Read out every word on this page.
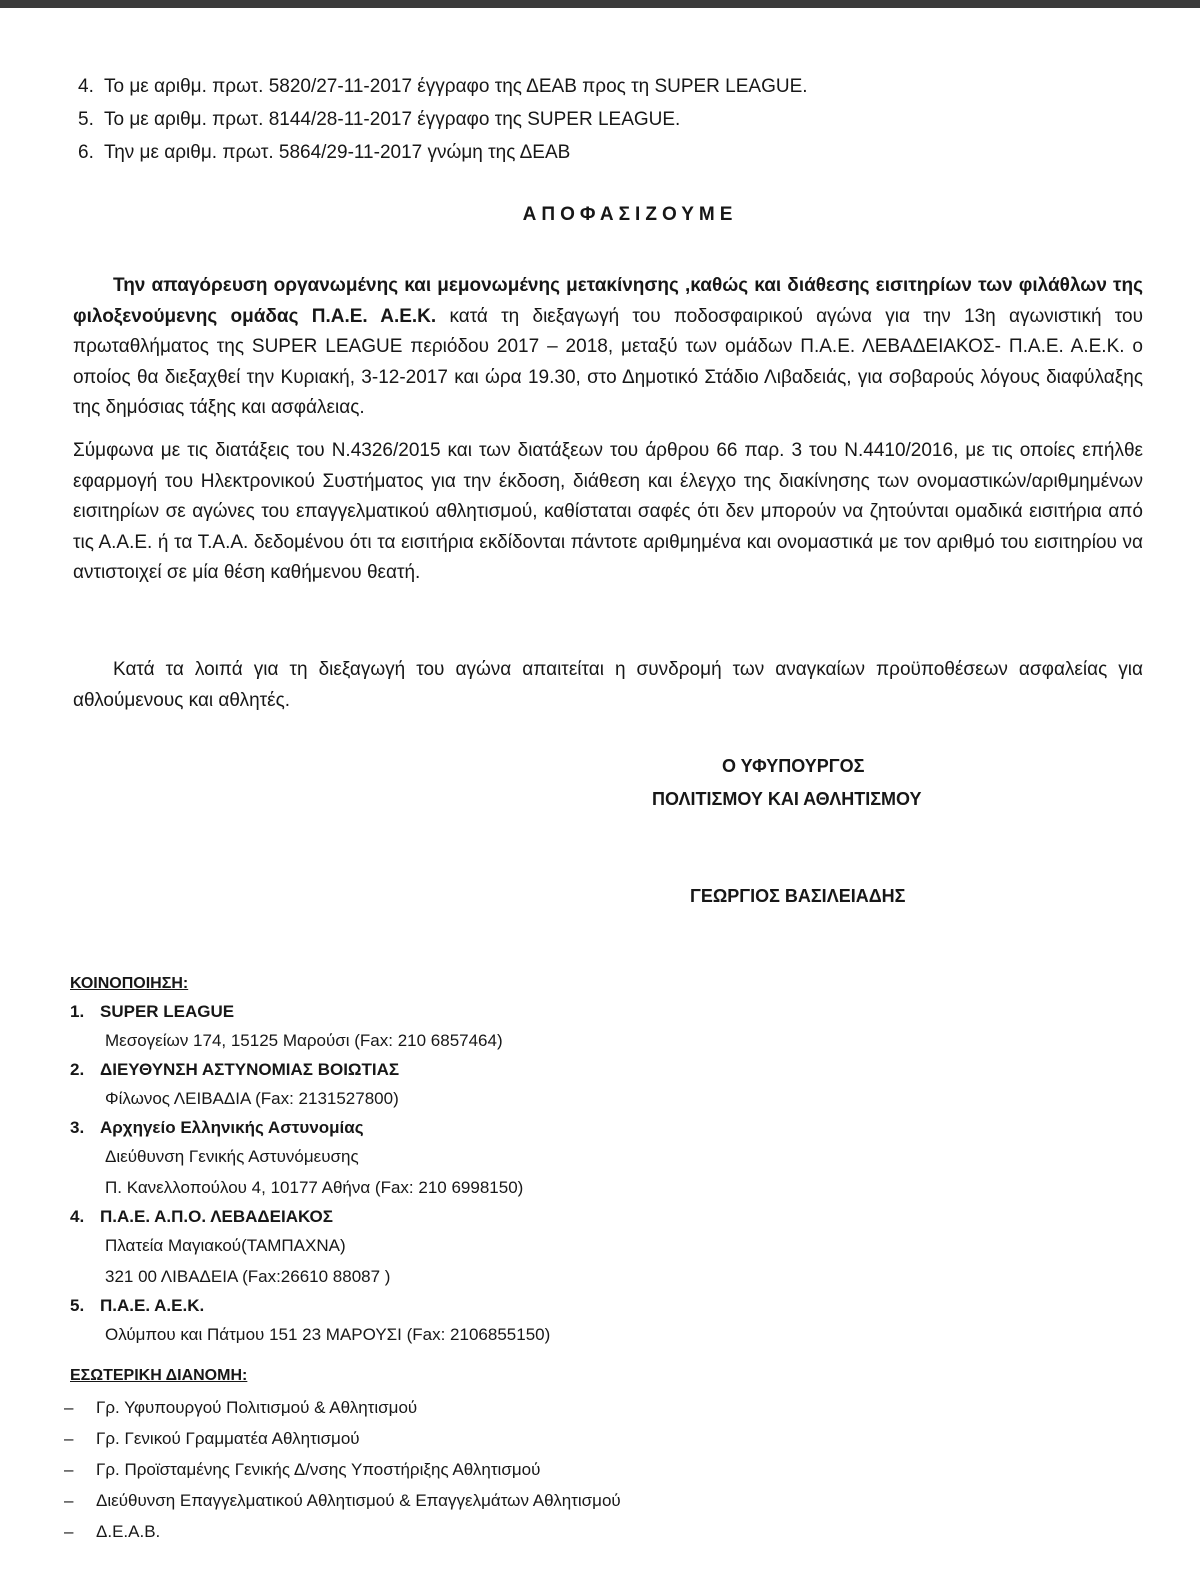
4. Το με αριθμ. πρωτ. 5820/27-11-2017 έγγραφο της ΔΕΑΒ προς τη SUPER LEAGUE.
5. Το με αριθμ. πρωτ. 8144/28-11-2017 έγγραφο της SUPER LEAGUE.
6. Την με αριθμ. πρωτ. 5864/29-11-2017 γνώμη της ΔΕΑΒ
ΑΠΟΦΑΣΙΖΟΥΜΕ

Την απαγόρευση οργανωμένης και μεμονωμένης μετακίνησης ,καθώς και διάθεσης εισιτηρίων των φιλάθλων της φιλοξενούμενης ομάδας Π.Α.Ε. Α.Ε.Κ. κατά τη διεξαγωγή του ποδοσφαιρικού αγώνα για την 13η αγωνιστική του πρωταθλήματος της SUPER LEAGUE περιόδου 2017 – 2018, μεταξύ των ομάδων Π.Α.Ε. ΛΕΒΑΔΕΙΑΚΟΣ- Π.Α.Ε. Α.Ε.Κ. ο οποίος θα διεξαχθεί την Κυριακή, 3-12-2017 και ώρα 19.30, στο Δημοτικό Στάδιο Λιβαδειάς, για σοβαρούς λόγους διαφύλαξης της δημόσιας τάξης και ασφάλειας.

Σύμφωνα με τις διατάξεις του Ν.4326/2015 και των διατάξεων του άρθρου 66 παρ. 3 του Ν.4410/2016, με τις οποίες επήλθε εφαρμογή του Ηλεκτρονικού Συστήματος για την έκδοση, διάθεση και έλεγχο της διακίνησης των ονομαστικών/αριθμημένων εισιτηρίων σε αγώνες του επαγγελματικού αθλητισμού, καθίσταται σαφές ότι δεν μπορούν να ζητούνται ομαδικά εισιτήρια από τις Α.Α.Ε. ή τα Τ.Α.Α. δεδομένου ότι τα εισιτήρια εκδίδονται πάντοτε αριθμημένα και ονομαστικά με τον αριθμό του εισιτηρίου να αντιστοιχεί σε μία θέση καθήμενου θεατή.

Κατά τα λοιπά για τη διεξαγωγή του αγώνα απαιτείται η συνδρομή των αναγκαίων προϋποθέσεων ασφαλείας για αθλούμενους και αθλητές.

Ο ΥΦΥΠΟΥΡΓΟΣ
ΠΟΛΙΤΙΣΜΟΥ ΚΑΙ ΑΘΛΗΤΙΣΜΟΥ
ΓΕΩΡΓΙΟΣ ΒΑΣΙΛΕΙΑΔΗΣ
ΚΟΙΝΟΠΟΙΗΣΗ:
1. SUPER LEAGUE
Μεσογείων 174, 15125 Μαρούσι (Fax: 210 6857464)
2. ΔΙΕΥΘΥΝΣΗ ΑΣΤΥΝΟΜΙΑΣ ΒΟΙΩΤΙΑΣ
Φίλωνος ΛΕΙΒΑΔΙΑ (Fax: 2131527800)
3. Αρχηγείο Ελληνικής Αστυνομίας
Διεύθυνση Γενικής Αστυνόμευσης
Π. Κανελλοπούλου 4, 10177 Αθήνα (Fax: 210 6998150)
4. Π.Α.Ε. Α.Π.Ο. ΛΕΒΑΔΕΙΑΚΟΣ
Πλατεία Μαγιακού(ΤΑΜΠΑΧΝΑ)
321 00 ΛΙΒΑΔΕΙΑ (Fax:26610 88087 )
5. Π.Α.Ε. Α.Ε.Κ.
Ολύμπου και Πάτμου 151 23 ΜΑΡΟΥΣΙ (Fax: 2106855150)
ΕΣΩΤΕΡΙΚΗ ΔΙΑΝΟΜΗ:
– Γρ. Υφυπουργού Πολιτισμού & Αθλητισμού
– Γρ. Γενικού Γραμματέα Αθλητισμού
– Γρ. Προϊσταμένης Γενικής Δ/νσης Υποστήριξης Αθλητισμού
– Διεύθυνση Επαγγελματικού Αθλητισμού & Επαγγελμάτων Αθλητισμού
– Δ.Ε.Α.Β.
